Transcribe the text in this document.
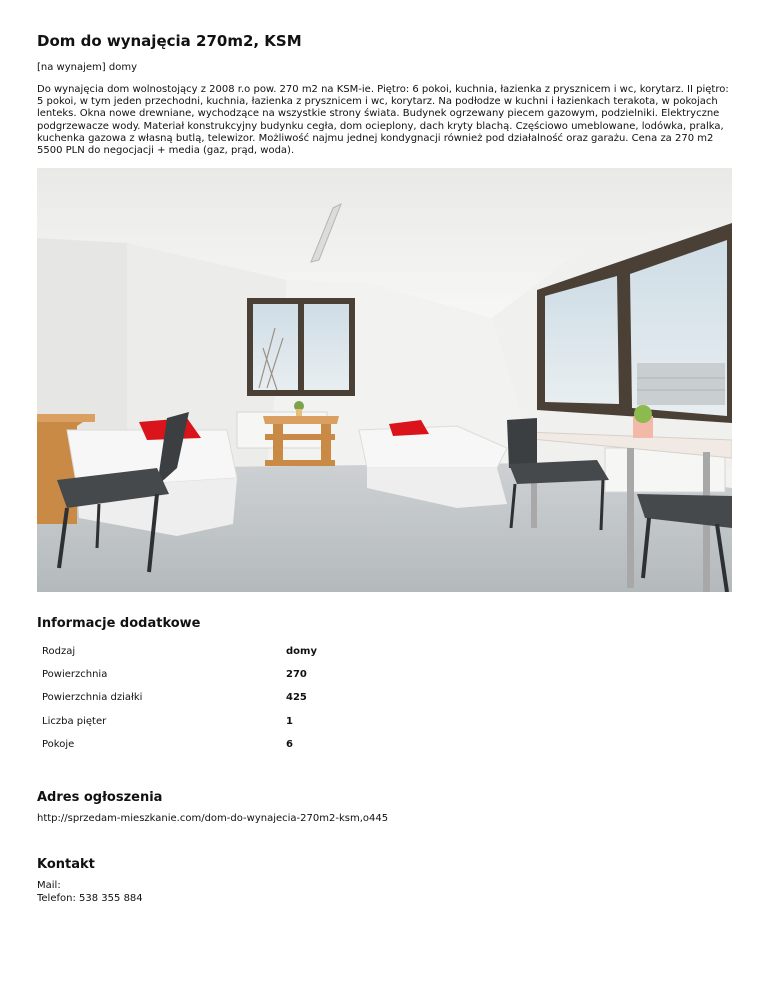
Dom do wynajęcia 270m2, KSM
[na wynajem] domy

Do wynajęcia dom wolnostojący z 2008 r.o pow. 270 m2 na KSM-ie. Piętro: 6 pokoi, kuchnia, łazienka z prysznicem i wc, korytarz. II piętro: 5 pokoi, w tym jeden przechodni, kuchnia, łazienka z prysznicem i wc, korytarz. Na podłodze w kuchni i łazienkach terakota, w pokojach lenteks. Okna nowe drewniane, wychodzące na wszystkie strony świata. Budynek ogrzewany piecem gazowym, podzielniki. Elektryczne podgrzewacze wody. Materiał konstrukcyjny budynku cegła, dom ocieplony, dach kryty blachą. Częściowo umeblowane, lodówka, pralka, kuchenka gazowa z własną butlą, telewizor. Możliwość najmu jednej kondygnacji również pod działalność oraz garażu. Cena za 270 m2 5500 PLN do negocjacji + media (gaz, prąd, woda).

Informacje dodatkowe
Rodzaj	domy
Powierzchnia	270
Powierzchnia działki	425
Liczba pięter	1
Pokoje	6
Adres ogłoszenia
http://sprzedam-mieszkanie.com/dom-do-wynajecia-270m2-ksm,o445
Kontakt
Mail:
Telefon: 538 355 884
